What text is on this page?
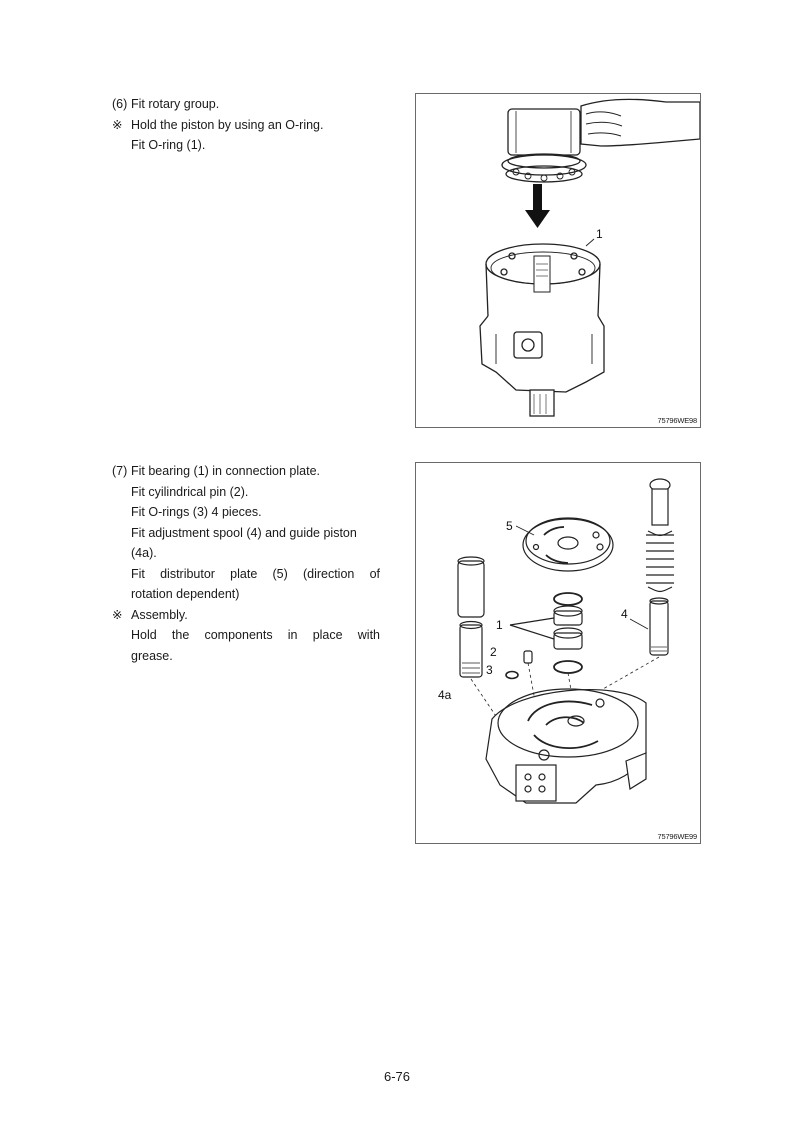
(6) Fit rotary group.
※ Hold the piston by using an O-ring.
Fit O-ring (1).
1
75796WE98
(7) Fit bearing (1) in connection plate.
Fit cyilindrical pin (2).
Fit O-rings (3) 4 pieces.
Fit adjustment spool (4) and guide piston
(4a).
Fit distributor plate (5) (direction of
rotation dependent)
※ Assembly.
Hold the components in place with
grease.
5
1
2
3
4a
4
75796WE99
6-76
